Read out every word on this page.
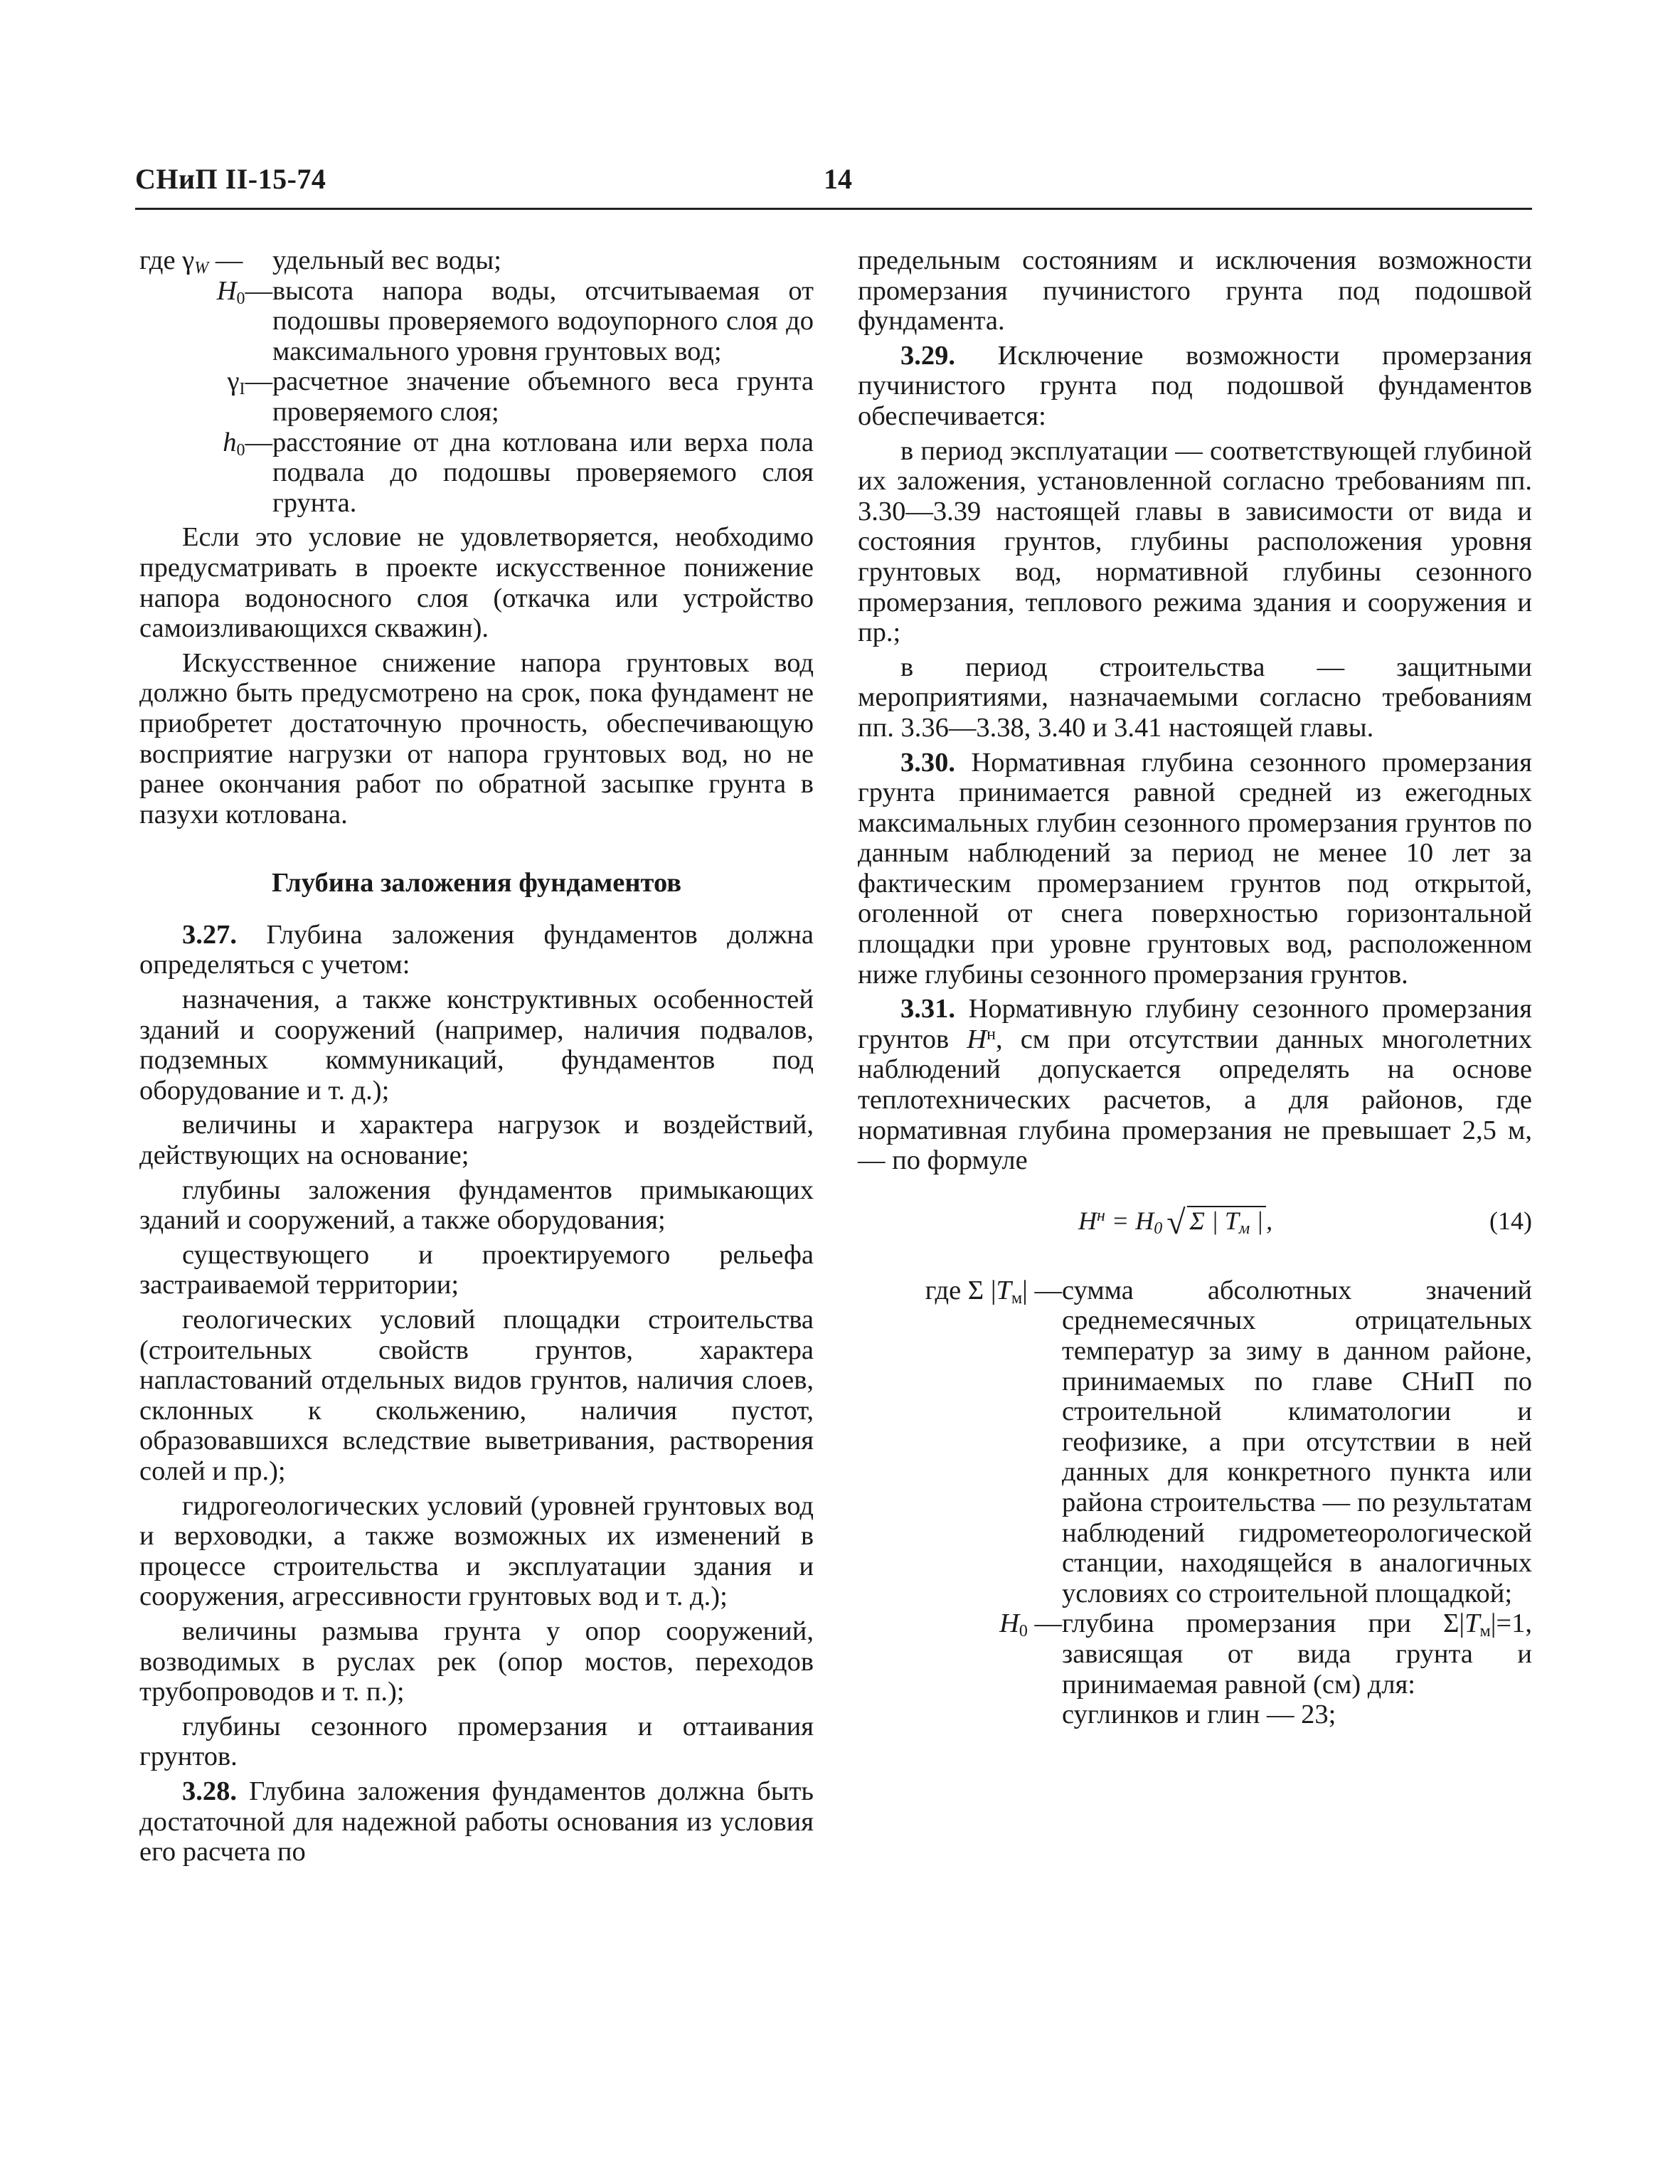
СНиП II-15-74	14
где $\gamma_W$ — удельный вес воды;
$H_0—$ высота напора воды, отсчитываемая от подошвы проверяемого водоупорного слоя до максимального уровня грунтовых вод;
$\gamma_I—$ расчетное значение объемного веса грунта проверяемого слоя;
$h_0—$ расстояние от дна котлована или верха пола подвала до подошвы проверяемого слоя грунта.

Если это условие не удовлетворяется, необходимо предусматривать в проекте искусственное понижение напора водоносного слоя (откачка или устройство самоизливающихся скважин).

Искусственное снижение напора грунтовых вод должно быть предусмотрено на срок, пока фундамент не приобретет достаточную прочность, обеспечивающую восприятие нагрузки от напора грунтовых вод, но не ранее окончания работ по обратной засыпке грунта в пазухи котлована.

Глубина заложения фундаментов

3.27. Глубина заложения фундаментов должна определяться с учетом:

назначения, а также конструктивных особенностей зданий и сооружений (например, наличия подвалов, подземных коммуникаций, фундаментов под оборудование и т. д.);

величины и характера нагрузок и воздействий, действующих на основание;

глубины заложения фундаментов примыкающих зданий и сооружений, а также оборудования;

существующего и проектируемого рельефа застраиваемой территории;

геологических условий площадки строительства (строительных свойств грунтов, характера напластований отдельных видов грунтов, наличия слоев, склонных к скольжению, наличия пустот, образовавшихся вследствие выветривания, растворения солей и пр.);

гидрогеологических условий (уровней грунтовых вод и верховодки, а также возможных их изменений в процессе строительства и эксплуатации здания и сооружения, агрессивности грунтовых вод и т. д.);

величины размыва грунта у опор сооружений, возводимых в руслах рек (опор мостов, переходов трубопроводов и т. п.);

глубины сезонного промерзания и оттаивания грунтов.

3.28. Глубина заложения фундаментов должна быть достаточной для надежной работы основания из условия его расчета по

предельным состояниям и исключения возможности промерзания пучинистого грунта под подошвой фундамента.

3.29. Исключение возможности промерзания пучинистого грунта под подошвой фундаментов обеспечивается:

в период эксплуатации — соответствующей глубиной их заложения, установленной согласно требованиям пп. 3.30—3.39 настоящей главы в зависимости от вида и состояния грунтов, глубины расположения уровня грунтовых вод, нормативной глубины сезонного промерзания, теплового режима здания и сооружения и пр.;

в период строительства — защитными мероприятиями, назначаемыми согласно требованиям пп. 3.36—3.38, 3.40 и 3.41 настоящей главы.

3.30. Нормативная глубина сезонного промерзания грунта принимается равной средней из ежегодных максимальных глубин сезонного промерзания грунтов по данным наблюдений за период не менее 10 лет за фактическим промерзанием грунтов под открытой, оголенной от снега поверхностью горизонтальной площадки при уровне грунтовых вод, расположенном ниже глубины сезонного промерзания грунтов.

3.31. Нормативную глубину сезонного промерзания грунтов $H^н$, см при отсутствии данных многолетних наблюдений допускается определять на основе теплотехнических расчетов, а для районов, где нормативная глубина промерзания не превышает 2,5 м, — по формуле

$H^н = H_0$ √ Σ | $T_м$ | ,	(14)
где Σ $|T_м|$ — сумма абсолютных значений среднемесячных отрицательных температур за зиму в данном районе, принимаемых по главе СНиП по строительной климатологии и геофизике, а при отсутствии в ней данных для конкретного пункта или района строительства — по результатам наблюдений гидрометеорологической станции, находящейся в аналогичных условиях со строительной площадкой;
$H_0$ — глубина промерзания при $\Sigma|T_м|=1$, зависящая от вида грунта и принимаемая равной (см) для:

суглинков и глин — 23;
